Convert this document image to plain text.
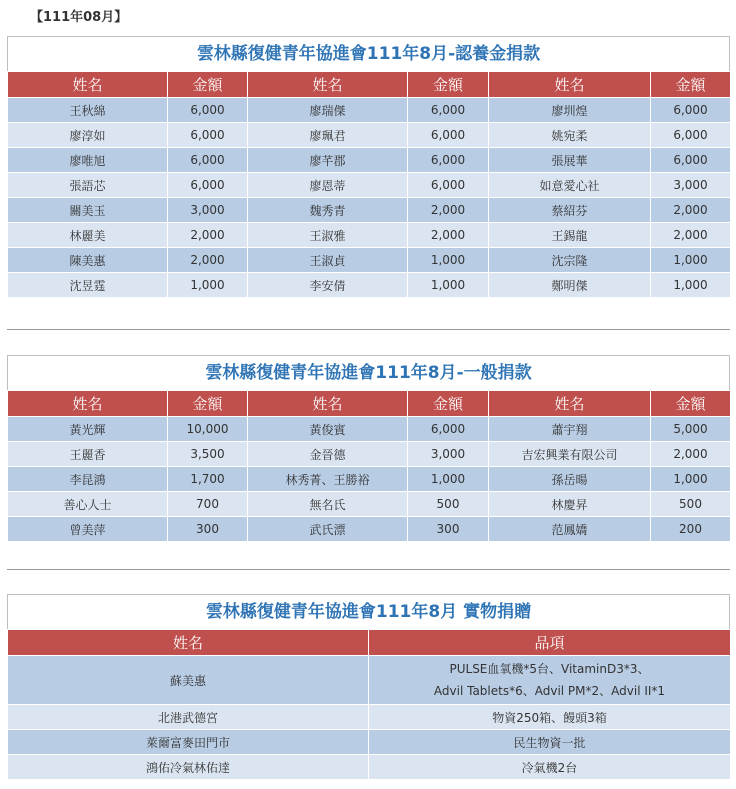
【111年08月】
雲林縣復健青年協進會111年8月-認養金捐款
姓名	金額	姓名	金額	姓名	金額
王秋綿	6,000	廖瑞傑	6,000	廖圳煌	6,000
廖淳如	6,000	廖珮君	6,000	姚宛柔	6,000
廖唯旭	6,000	廖芊郡	6,000	張展華	6,000
張語芯	6,000	廖恩蒂	6,000	如意愛心社	3,000
關美玉	3,000	魏秀青	2,000	蔡紹芬	2,000
林麗美	2,000	王淑雅	2,000	王錫龍	2,000
陳美惠	2,000	王淑貞	1,000	沈宗隆	1,000
沈昱霆	1,000	李安倩	1,000	鄭明傑	1,000
雲林縣復健青年協進會111年8月-一般捐款
姓名	金額	姓名	金額	姓名	金額
黃光輝	10,000	黃俊賓	6,000	蕭宇翔	5,000
王麗香	3,500	金晉德	3,000	吉宏興業有限公司	2,000
李昆鴻	1,700	林秀菁、王勝裕	1,000	孫岳暘	1,000
善心人士	700	無名氏	500	林慶昇	500
曾美萍	300	武氏漂	300	范鳳嬌	200
雲林縣復健青年協進會111年8月 實物捐贈
姓名	品項
蘇美惠	PULSE血氧機*5台、VitaminD3*3、
Advil Tablets*6、Advil PM*2、Advil II*1

北港武德宮	物資250箱、饅頭3箱
萊爾富麥田門市	民生物資一批
鴻佑冷氣林佑達	冷氣機2台
